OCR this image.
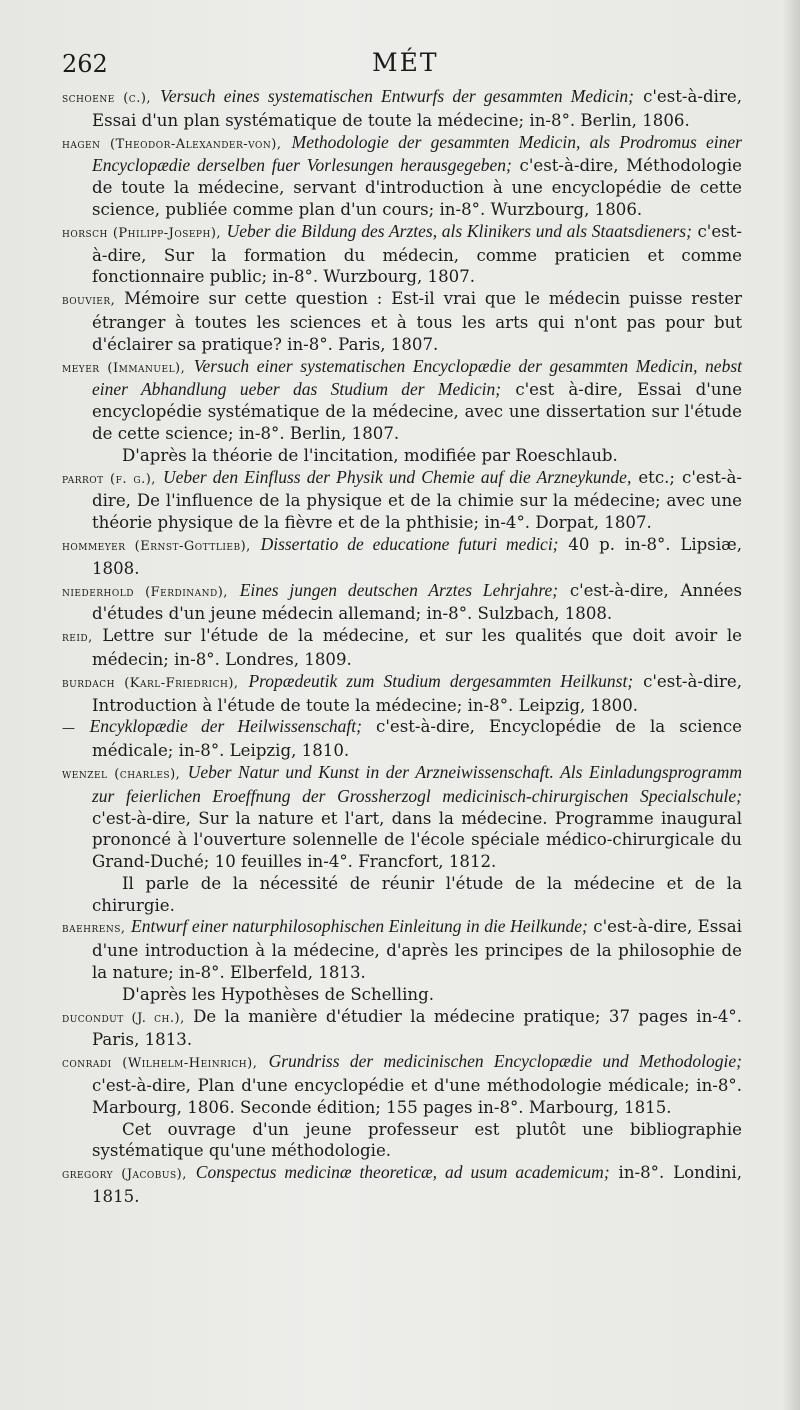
262	MÉT
schoene (c.), Versuch eines systematischen Entwurfs der gesammten Medicin; c'est-à-dire, Essai d'un plan systématique de toute la médecine; in-8°. Berlin, 1806.
hagen (Theodor-Alexander-von), Methodologie der gesammten Medicin, als Prodromus einer Encyclopædie derselben fuer Vorlesungen herausgegeben; c'est-à-dire, Méthodologie de toute la médecine, servant d'introduction à une encyclopédie de cette science, publiée comme plan d'un cours; in-8°. Wurzbourg, 1806.
horsch (Philipp-Joseph), Ueber die Bildung des Arztes, als Klinikers und als Staatsdieners; c'est-à-dire, Sur la formation du médecin, comme praticien et comme fonctionnaire public; in-8°. Wurzbourg, 1807.
bouvier, Mémoire sur cette question : Est-il vrai que le médecin puisse rester étranger à toutes les sciences et à tous les arts qui n'ont pas pour but d'éclairer sa pratique? in-8°. Paris, 1807.
meyer (Immanuel), Versuch einer systematischen Encyclopædie der gesammten Medicin, nebst einer Abhandlung ueber das Studium der Medicin; c'est à-dire, Essai d'une encyclopédie systématique de la médecine, avec une dissertation sur l'étude de cette science; in-8°. Berlin, 1807.
D'après la théorie de l'incitation, modifiée par Roeschlaub.
parrot (f. g.), Ueber den Einfluss der Physik und Chemie auf die Arzneykunde, etc.; c'est-à-dire, De l'influence de la physique et de la chimie sur la médecine; avec une théorie physique de la fièvre et de la phthisie; in-4°. Dorpat, 1807.
hommeyer (Ernst-Gottlieb), Dissertatio de educatione futuri medici; 40 p. in-8°. Lipsiæ, 1808.
niederhold (Ferdinand), Eines jungen deutschen Arztes Lehrjahre; c'est-à-dire, Années d'études d'un jeune médecin allemand; in-8°. Sulzbach, 1808.
reid, Lettre sur l'étude de la médecine, et sur les qualités que doit avoir le médecin; in-8°. Londres, 1809.
burdach (Karl-Friedrich), Propædeutik zum Studium dergesammten Heilkunst; c'est-à-dire, Introduction à l'étude de toute la médecine; in-8°. Leipzig, 1800.
— Encyklopædie der Heilwissenschaft; c'est-à-dire, Encyclopédie de la science médicale; in-8°. Leipzig, 1810.
wenzel (charles), Ueber Natur und Kunst in der Arzneiwissenschaft. Als Einladungsprogramm zur feierlichen Eroeffnung der Grossherzogl medicinisch-chirurgischen Specialschule; c'est-à-dire, Sur la nature et l'art, dans la médecine. Programme inaugural prononcé à l'ouverture solennelle de l'école spéciale médico-chirurgicale du Grand-Duché; 10 feuilles in-4°. Francfort, 1812.
Il parle de la nécessité de réunir l'étude de la médecine et de la chirurgie.
baehrens, Entwurf einer naturphilosophischen Einleitung in die Heilkunde; c'est-à-dire, Essai d'une introduction à la médecine, d'après les principes de la philosophie de la nature; in-8°. Elberfeld, 1813.
D'après les Hypothèses de Schelling.
duconduт (J. ch.), De la manière d'étudier la médecine pratique; 37 pages in-4°. Paris, 1813.
conradi (Wilhelm-Heinrich), Grundriss der medicinischen Encyclopædie und Methodologie; c'est-à-dire, Plan d'une encyclopédie et d'une méthodologie médicale; in-8°. Marbourg, 1806. Seconde édition; 155 pages in-8°. Marbourg, 1815.
Cet ouvrage d'un jeune professeur est plutôt une bibliographie systématique qu'une méthodologie.
gregory (Jacobus), Conspectus medicinæ theoreticæ, ad usum academicum; in-8°. Londini, 1815.
